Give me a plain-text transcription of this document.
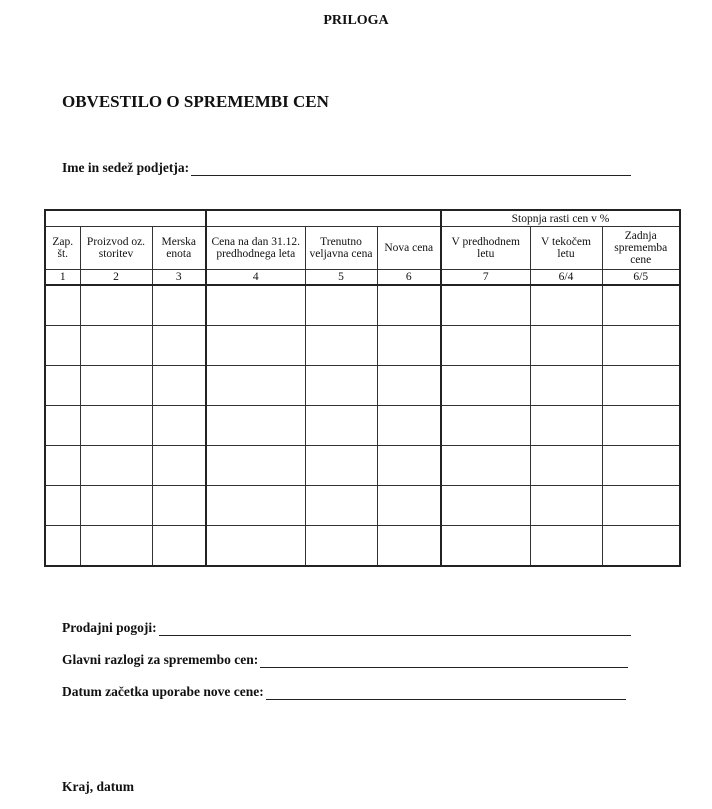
PRILOGA
OBVESTILO O SPREMEMBI CEN
Ime in sedež podjetja:
						Stopnja rasti cen v %		
Zap. št.	Proizvod oz. storitev	Merska enota	Cena na dan 31.12. predhodnega leta	Trenutno veljavna cena	Nova cena	V predhodnem letu	V tekočem letu	Zadnja sprememba cene
1	2	3	4	5	6	7	6/4	6/5

Prodajni pogoji:
Glavni razlogi za spremembo cen:
Datum začetka uporabe nove cene:
Kraj, datum
